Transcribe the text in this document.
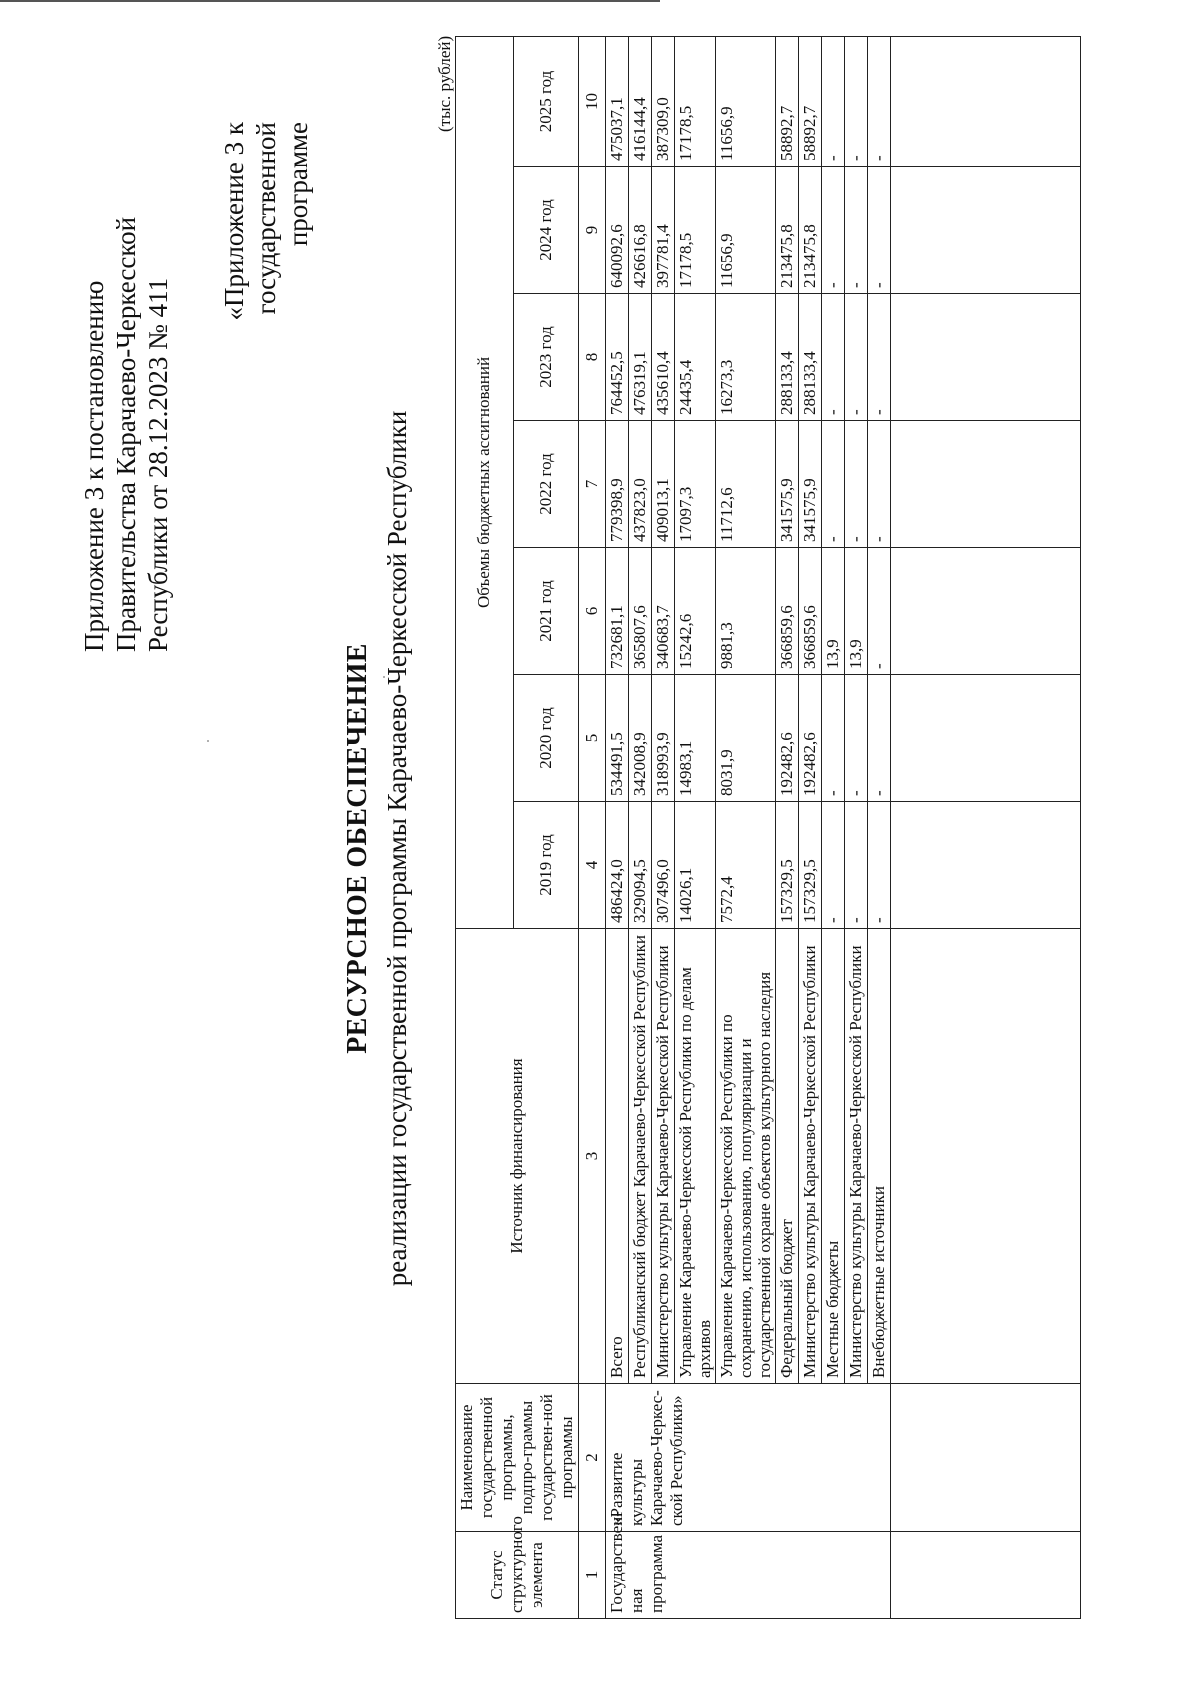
Приложение 3 к постановлению Правительства Карачаево-Черкесской Республики от 28.12.2023 № 411
«Приложение 3 к государственной программе
РЕСУРСНОЕ ОБЕСПЕЧЕНИЕ реализации государственной программы Карачаево-Черкесской Республики
(тыс. рублей)
Статус структурного элемента	Наименование государственной программы, подпро-граммы государствен-ной программы	Источник финансирования	Объемы бюджетных ассигнований						
			2019 год	2020 год	2021 год	2022 год	2023 год	2024 год	2025 год
1	2	3	4	5	6	7	8	9	10
Государствен-ная программа	«Развитие культуры Карачаево-Черкес-ской Республики»	Всего	486424,0	534491,5	732681,1	779398,9	764452,5	640092,6	475037,1
		Республиканский бюджет Карачаево-Черкесской Республики	329094,5	342008,9	365807,6	437823,0	476319,1	426616,8	416144,4
		Министерство культуры Карачаево-Черкесской Республики	307496,0	318993,9	340683,7	409013,1	435610,4	397781,4	387309,0
		Управление Карачаево-Черкесской Республики по делам архивов	14026,1	14983,1	15242,6	17097,3	24435,4	17178,5	17178,5
		Управление Карачаево-Черкесской Республики по сохранению, использованию, популяризации и государственной охране объектов культурного наследия	7572,4	8031,9	9881,3	11712,6	16273,3	11656,9	11656,9
		Федеральный бюджет	157329,5	192482,6	366859,6	341575,9	288133,4	213475,8	58892,7
		Министерство культуры Карачаево-Черкесской Республики	157329,5	192482,6	366859,6	341575,9	288133,4	213475,8	58892,7
		Местные бюджеты	-	-	13,9	-	-	-	-
		Министерство культуры Карачаево-Черкесской Республики	-	-	13,9	-	-	-	-
		Внебюджетные источники	-	-	-	-	-	-	-
